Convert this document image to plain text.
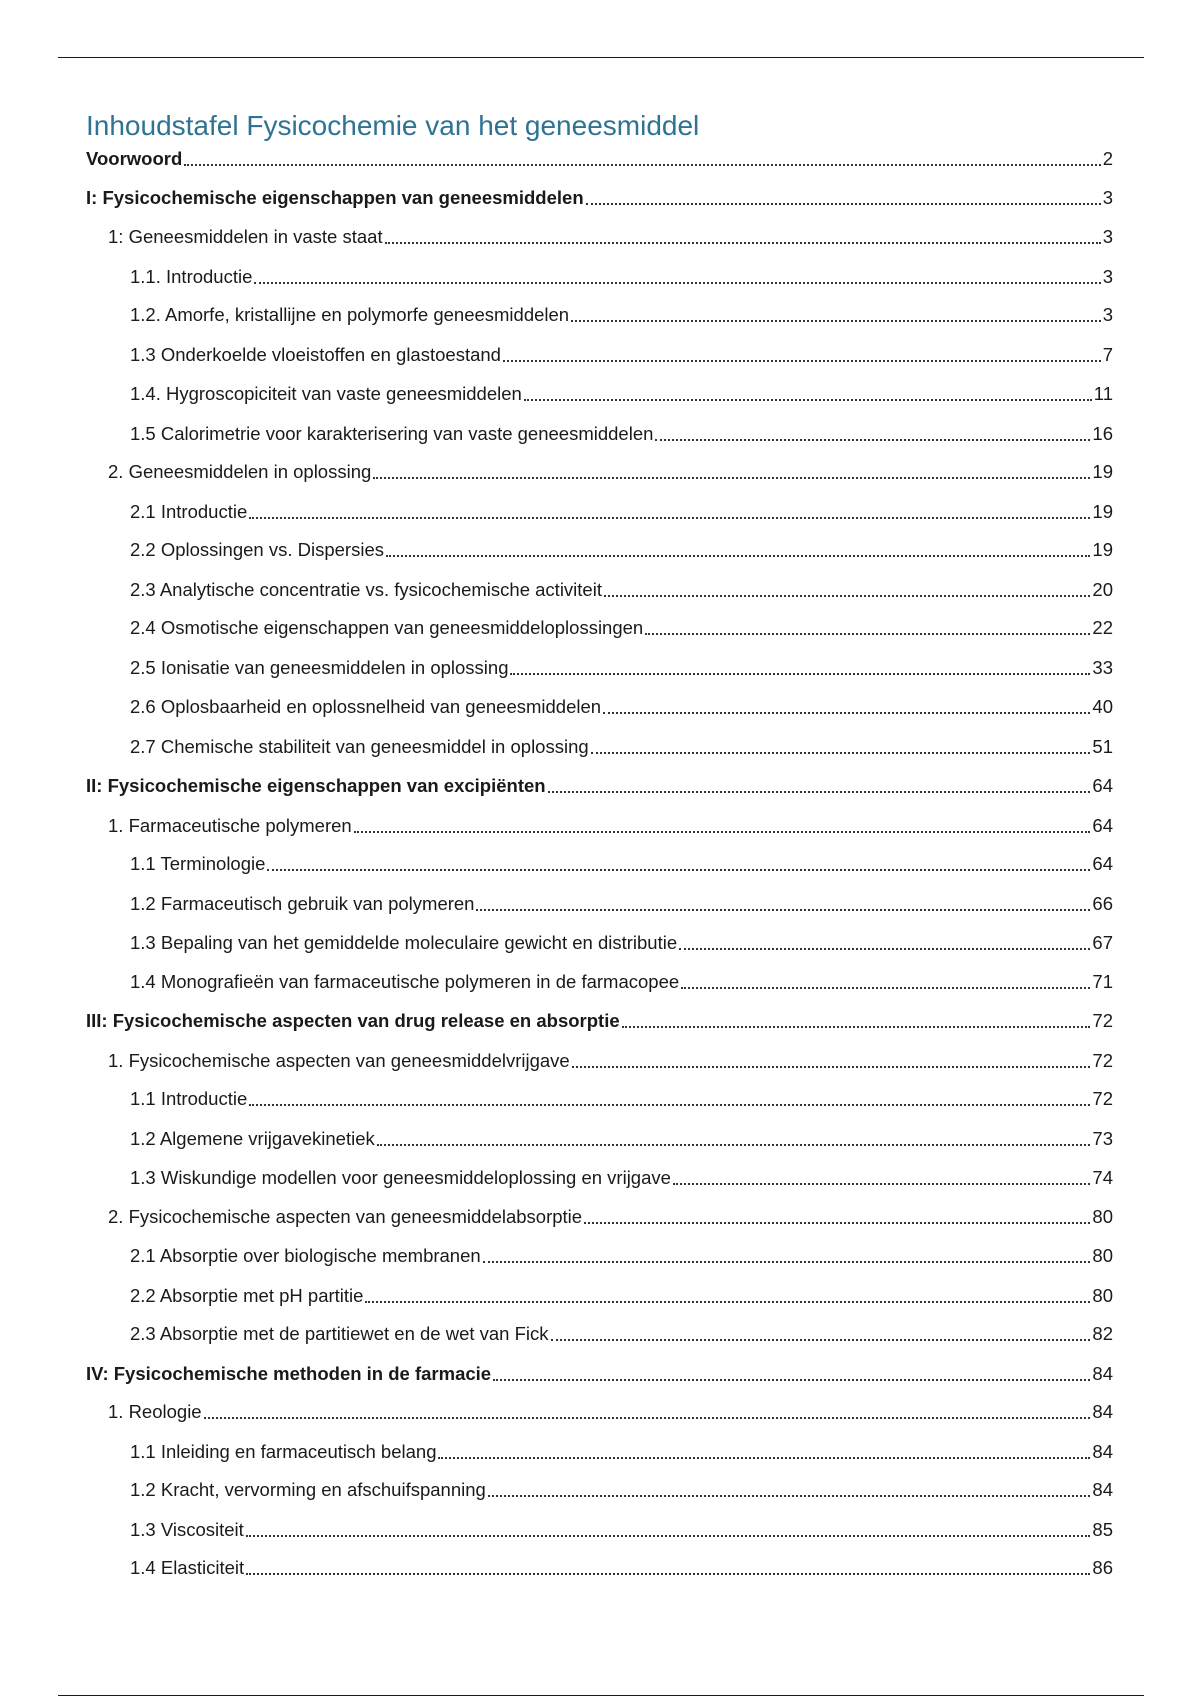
Inhoudstafel Fysicochemie van het geneesmiddel
Voorwoord	2
I: Fysicochemische eigenschappen van geneesmiddelen	3
1: Geneesmiddelen in vaste staat	3
1.1. Introductie	3
1.2. Amorfe, kristallijne en polymorfe geneesmiddelen	3
1.3 Onderkoelde vloeistoffen en glastoestand	7
1.4. Hygroscopiciteit van vaste geneesmiddelen	11
1.5 Calorimetrie voor karakterisering van vaste geneesmiddelen	16
2. Geneesmiddelen in oplossing	19
2.1 Introductie	19
2.2 Oplossingen vs. Dispersies	19
2.3 Analytische concentratie vs. fysicochemische activiteit	20
2.4 Osmotische eigenschappen van geneesmiddeloplossingen	22
2.5 Ionisatie van geneesmiddelen in oplossing	33
2.6 Oplosbaarheid en oplossnelheid van geneesmiddelen	40
2.7 Chemische stabiliteit van geneesmiddel in oplossing	51
II: Fysicochemische eigenschappen van excipiënten	64
1. Farmaceutische polymeren	64
1.1 Terminologie	64
1.2 Farmaceutisch gebruik van polymeren	66
1.3 Bepaling van het gemiddelde moleculaire gewicht en distributie	67
1.4 Monografieën van farmaceutische polymeren in de farmacopee	71
III: Fysicochemische aspecten van drug release en absorptie	72
1. Fysicochemische aspecten van geneesmiddelvrijgave	72
1.1 Introductie	72
1.2 Algemene vrijgavekinetiek	73
1.3 Wiskundige modellen voor geneesmiddeloplossing en vrijgave	74
2. Fysicochemische aspecten van geneesmiddelabsorptie	80
2.1 Absorptie over biologische membranen	80
2.2 Absorptie met pH partitie	80
2.3 Absorptie met de partitiewet en de wet van Fick	82
IV: Fysicochemische methoden in de farmacie	84
1. Reologie	84
1.1 Inleiding en farmaceutisch belang	84
1.2 Kracht, vervorming en afschuifspanning	84
1.3 Viscositeit	85
1.4 Elasticiteit	86
